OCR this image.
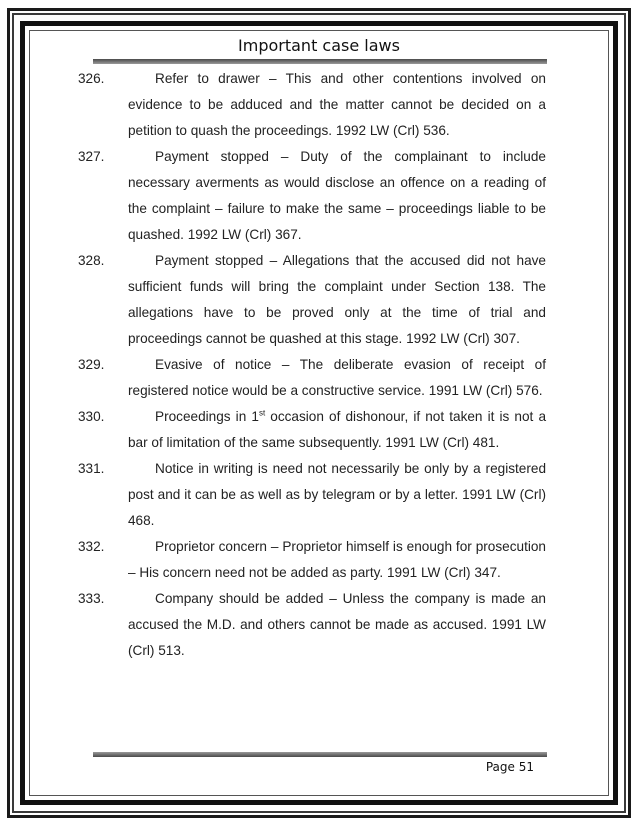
Important case laws
326.	Refer to drawer – This and other contentions involved on evidence to be adduced and the matter cannot be decided on a petition to quash the proceedings. 1992 LW (Crl) 536.
327.	Payment stopped – Duty of the complainant to include necessary averments as would disclose an offence on a reading of the complaint – failure to make the same – proceedings liable to be quashed. 1992 LW (Crl) 367.
328.	Payment stopped – Allegations that the accused did not have sufficient funds will bring the complaint under Section 138. The allegations have to be proved only at the time of trial and proceedings cannot be quashed at this stage. 1992 LW (Crl) 307.
329.	Evasive of notice – The deliberate evasion of receipt of registered notice would be a constructive service. 1991 LW (Crl) 576.
330.	Proceedings in 1st occasion of dishonour, if not taken it is not a bar of limitation of the same subsequently. 1991 LW (Crl) 481.
331.	Notice in writing is need not necessarily be only by a registered post and it can be as well as by telegram or by a letter. 1991 LW (Crl) 468.
332.	Proprietor concern – Proprietor himself is enough for prosecution – His concern need not be added as party. 1991 LW (Crl) 347.
333.	Company should be added – Unless the company is made an accused the M.D. and others cannot be made as accused. 1991 LW (Crl) 513.
Page 51
